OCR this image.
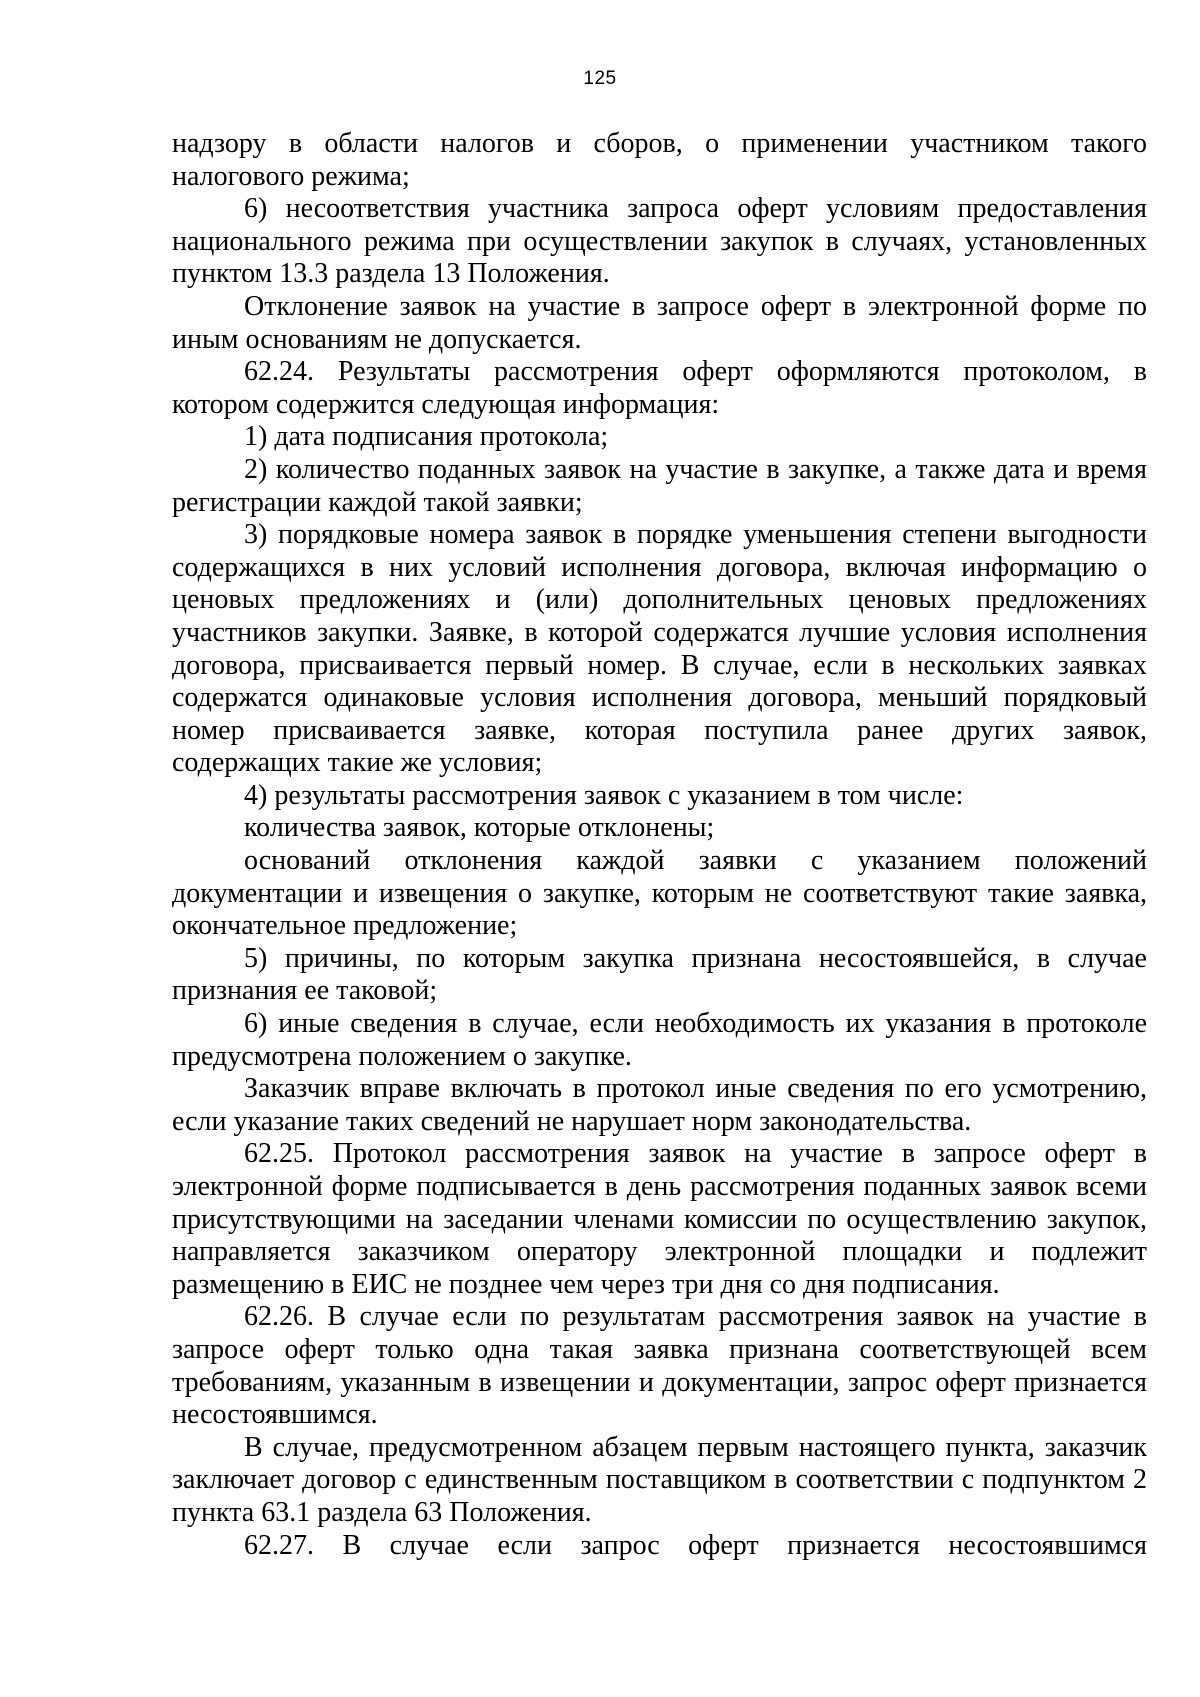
125

надзору в области налогов и сборов, о применении участником такого налогового режима;

6) несоответствия участника запроса оферт условиям предоставления национального режима при осуществлении закупок в случаях, установленных пунктом 13.3 раздела 13 Положения.

Отклонение заявок на участие в запросе оферт в электронной форме по иным основаниям не допускается.

62.24. Результаты рассмотрения оферт оформляются протоколом, в котором содержится следующая информация:

1) дата подписания протокола;

2) количество поданных заявок на участие в закупке, а также дата и время регистрации каждой такой заявки;

3) порядковые номера заявок в порядке уменьшения степени выгодности содержащихся в них условий исполнения договора, включая информацию о ценовых предложениях и (или) дополнительных ценовых предложениях участников закупки. Заявке, в которой содержатся лучшие условия исполнения договора, присваивается первый номер. В случае, если в нескольких заявках содержатся одинаковые условия исполнения договора, меньший порядковый номер присваивается заявке, которая поступила ранее других заявок, содержащих такие же условия;

4) результаты рассмотрения заявок с указанием в том числе:

количества заявок, которые отклонены;

оснований отклонения каждой заявки с указанием положений документации и извещения о закупке, которым не соответствуют такие заявка, окончательное предложение;

5) причины, по которым закупка признана несостоявшейся, в случае признания ее таковой;

6) иные сведения в случае, если необходимость их указания в протоколе предусмотрена положением о закупке.

Заказчик вправе включать в протокол иные сведения по его усмотрению, если указание таких сведений не нарушает норм законодательства.

62.25. Протокол рассмотрения заявок на участие в запросе оферт в электронной форме подписывается в день рассмотрения поданных заявок всеми присутствующими на заседании членами комиссии по осуществлению закупок, направляется заказчиком оператору электронной площадки и подлежит размещению в ЕИС не позднее чем через три дня со дня подписания.

62.26. В случае если по результатам рассмотрения заявок на участие в запросе оферт только одна такая заявка признана соответствующей всем требованиям, указанным в извещении и документации, запрос оферт признается несостоявшимся.

В случае, предусмотренном абзацем первым настоящего пункта, заказчик заключает договор с единственным поставщиком в соответствии с подпунктом 2 пункта 63.1 раздела 63 Положения.

62.27. В случае если запрос оферт признается несостоявшимся
